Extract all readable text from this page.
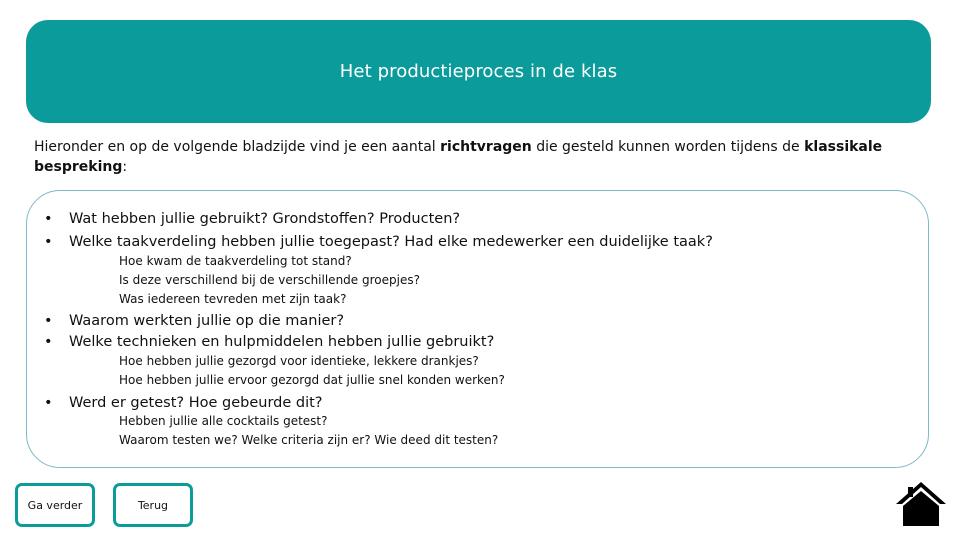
Het productieproces in de klas
Hieronder en op de volgende bladzijde vind je een aantal richtvragen die gesteld kunnen worden tijdens de klassikale
bespreking:
• Wat hebben jullie gebruikt? Grondstoffen? Producten?
• Welke taakverdeling hebben jullie toegepast? Had elke medewerker een duidelijke taak?
Hoe kwam de taakverdeling tot stand?
Is deze verschillend bij de verschillende groepjes?
Was iedereen tevreden met zijn taak?
• Waarom werkten jullie op die manier?
• Welke technieken en hulpmiddelen hebben jullie gebruikt?
Hoe hebben jullie gezorgd voor identieke, lekkere drankjes?
Hoe hebben jullie ervoor gezorgd dat jullie snel konden werken?
• Werd er getest? Hoe gebeurde dit?
Hebben jullie alle cocktails getest?
Waarom testen we? Welke criteria zijn er? Wie deed dit testen?
Ga verder	Terug
